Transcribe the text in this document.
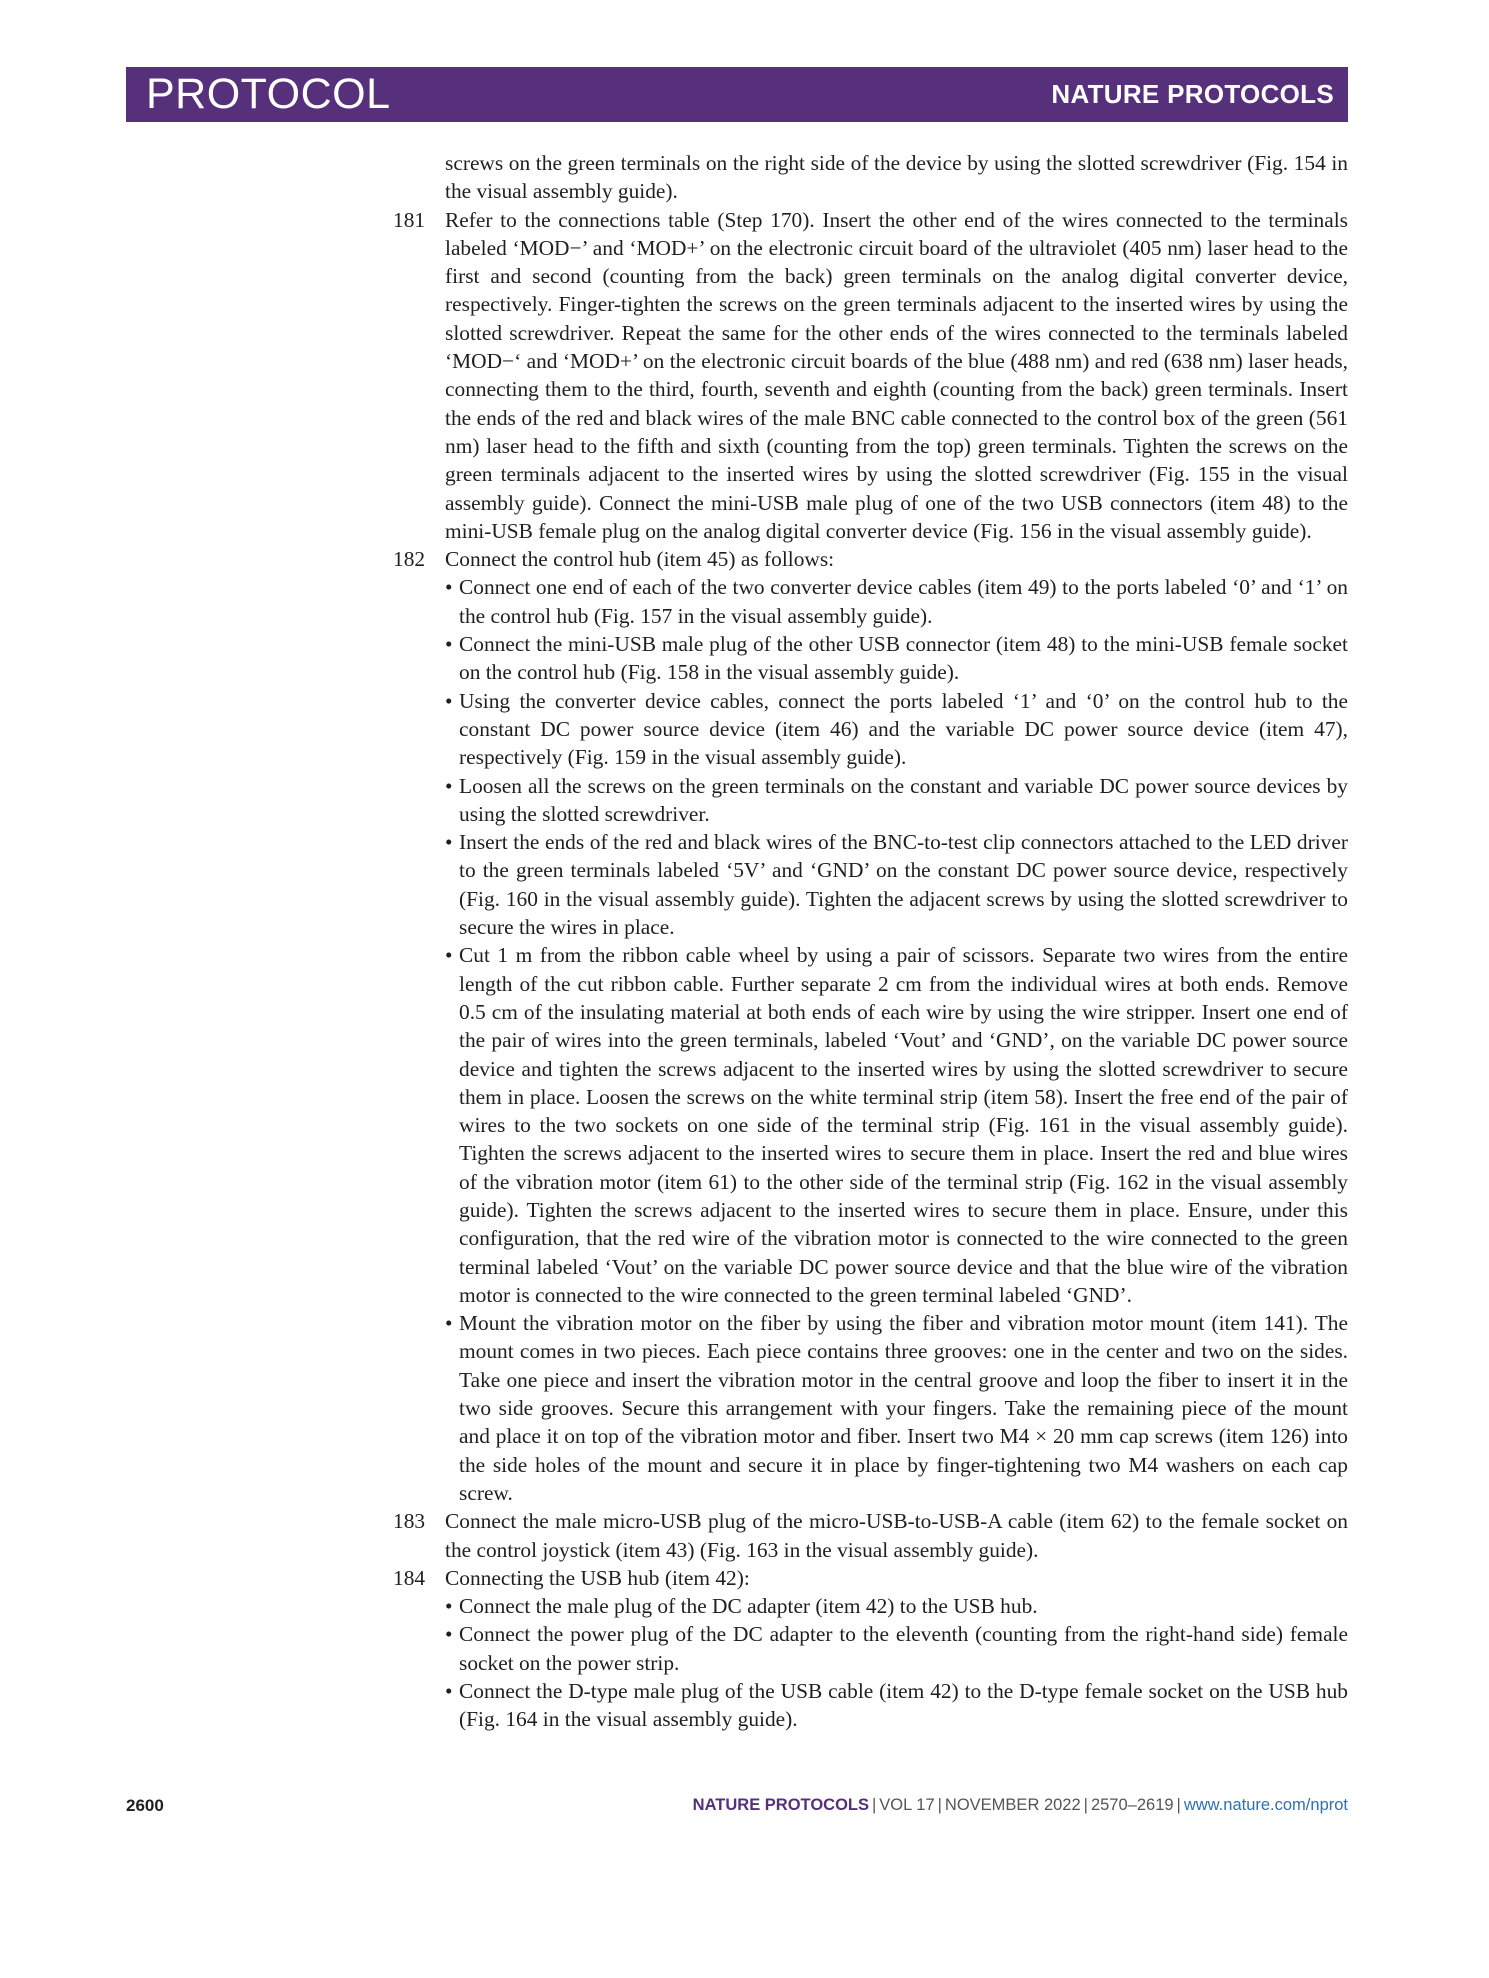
PROTOCOL	NATURE PROTOCOLS

screws on the green terminals on the right side of the device by using the slotted screwdriver (Fig. 154 in the visual assembly guide).

181 Refer to the connections table (Step 170). Insert the other end of the wires connected to the terminals labeled ‘MOD−’ and ‘MOD+’ on the electronic circuit board of the ultraviolet (405 nm) laser head to the first and second (counting from the back) green terminals on the analog digital converter device, respectively. Finger-tighten the screws on the green terminals adjacent to the inserted wires by using the slotted screwdriver. Repeat the same for the other ends of the wires connected to the terminals labeled ‘MOD−‘ and ‘MOD+’ on the electronic circuit boards of the blue (488 nm) and red (638 nm) laser heads, connecting them to the third, fourth, seventh and eighth (counting from the back) green terminals. Insert the ends of the red and black wires of the male BNC cable connected to the control box of the green (561 nm) laser head to the fifth and sixth (counting from the top) green terminals. Tighten the screws on the green terminals adjacent to the inserted wires by using the slotted screwdriver (Fig. 155 in the visual assembly guide). Connect the mini-USB male plug of one of the two USB connectors (item 48) to the mini-USB female plug on the analog digital converter device (Fig. 156 in the visual assembly guide).

182 Connect the control hub (item 45) as follows:

• Connect one end of each of the two converter device cables (item 49) to the ports labeled ‘0’ and ‘1’ on the control hub (Fig. 157 in the visual assembly guide).
• Connect the mini-USB male plug of the other USB connector (item 48) to the mini-USB female socket on the control hub (Fig. 158 in the visual assembly guide).
• Using the converter device cables, connect the ports labeled ‘1’ and ‘0’ on the control hub to the constant DC power source device (item 46) and the variable DC power source device (item 47), respectively (Fig. 159 in the visual assembly guide).
• Loosen all the screws on the green terminals on the constant and variable DC power source devices by using the slotted screwdriver.
• Insert the ends of the red and black wires of the BNC-to-test clip connectors attached to the LED driver to the green terminals labeled ‘5V’ and ‘GND’ on the constant DC power source device, respectively (Fig. 160 in the visual assembly guide). Tighten the adjacent screws by using the slotted screwdriver to secure the wires in place.
• Cut 1 m from the ribbon cable wheel by using a pair of scissors. Separate two wires from the entire length of the cut ribbon cable. Further separate 2 cm from the individual wires at both ends. Remove 0.5 cm of the insulating material at both ends of each wire by using the wire stripper. Insert one end of the pair of wires into the green terminals, labeled ‘Vout’ and ‘GND’, on the variable DC power source device and tighten the screws adjacent to the inserted wires by using the slotted screwdriver to secure them in place. Loosen the screws on the white terminal strip (item 58). Insert the free end of the pair of wires to the two sockets on one side of the terminal strip (Fig. 161 in the visual assembly guide). Tighten the screws adjacent to the inserted wires to secure them in place. Insert the red and blue wires of the vibration motor (item 61) to the other side of the terminal strip (Fig. 162 in the visual assembly guide). Tighten the screws adjacent to the inserted wires to secure them in place. Ensure, under this configuration, that the red wire of the vibration motor is connected to the wire connected to the green terminal labeled ‘Vout’ on the variable DC power source device and that the blue wire of the vibration motor is connected to the wire connected to the green terminal labeled ‘GND’.
• Mount the vibration motor on the fiber by using the fiber and vibration motor mount (item 141). The mount comes in two pieces. Each piece contains three grooves: one in the center and two on the sides. Take one piece and insert the vibration motor in the central groove and loop the fiber to insert it in the two side grooves. Secure this arrangement with your fingers. Take the remaining piece of the mount and place it on top of the vibration motor and fiber. Insert two M4 × 20 mm cap screws (item 126) into the side holes of the mount and secure it in place by finger-tightening two M4 washers on each cap screw.
183 Connect the male micro-USB plug of the micro-USB-to-USB-A cable (item 62) to the female socket on the control joystick (item 43) (Fig. 163 in the visual assembly guide).

184 Connecting the USB hub (item 42):

• Connect the male plug of the DC adapter (item 42) to the USB hub.
• Connect the power plug of the DC adapter to the eleventh (counting from the right-hand side) female socket on the power strip.
• Connect the D-type male plug of the USB cable (item 42) to the D-type female socket on the USB hub (Fig. 164 in the visual assembly guide).
2600	NATURE PROTOCOLS | VOL 17 | NOVEMBER 2022 | 2570–2619 | www.nature.com/nprot
